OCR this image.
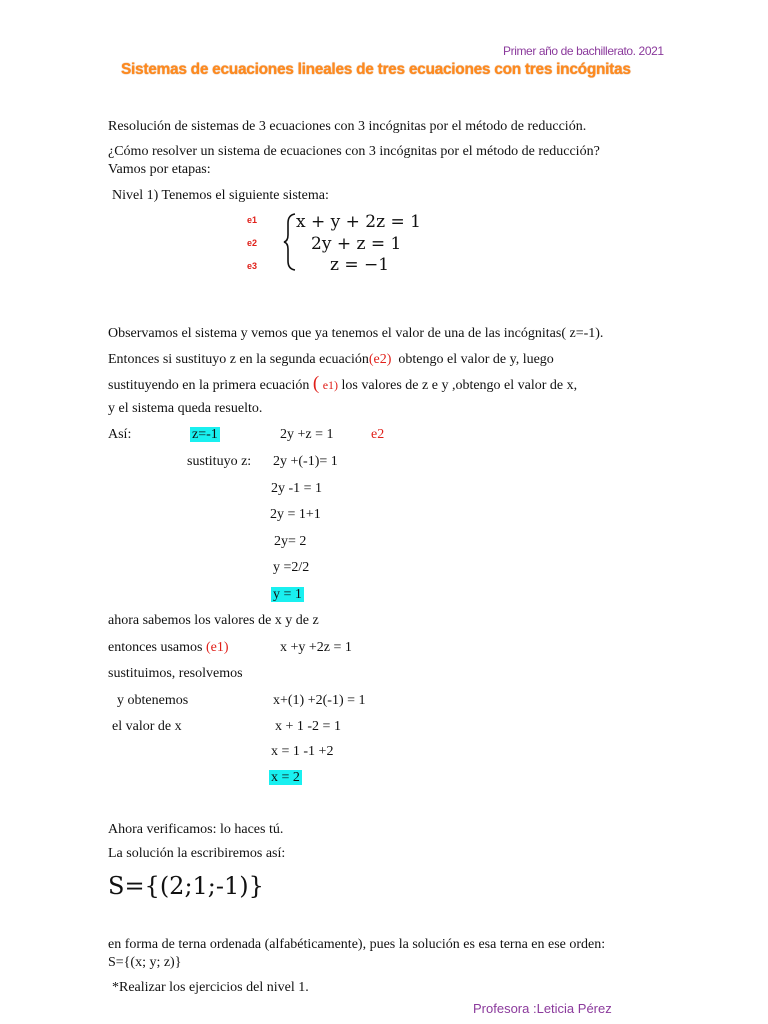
Primer año de bachillerato. 2021
Sistemas de ecuaciones lineales de tres ecuaciones con tres incógnitas
Resolución de sistemas de 3 ecuaciones con 3 incógnitas por el método de reducción.
¿Cómo resolver un sistema de ecuaciones con 3 incógnitas por el método de reducción?
Vamos por etapas:
Nivel 1) Tenemos el siguiente sistema:
e1
e2
e3
x + y + 2z = 1
2y + z = 1
z = −1
Observamos el sistema y vemos que ya tenemos el valor de una de las incógnitas( z=-1).
Entonces si sustituyo z en la segunda ecuación(e2) obtengo el valor de y, luego
sustituyendo en la primera ecuación ( e1) los valores de z e y ,obtengo el valor de x,
y el sistema queda resuelto.
Así:	z=-1	2y +z = 1	e2
sustituyo z: 2y +(-1)= 1
2y -1 = 1
2y = 1+1
2y= 2
y =2/2
y = 1
ahora sabemos los valores de x y de z
entonces usamos (e1)	x +y +2z = 1
sustituimos, resolvemos
y obtenemos	x+(1) +2(-1) = 1
el valor de x	x + 1 -2 = 1
x = 1 -1 +2
x = 2
Ahora verificamos: lo haces tú.
La solución la escribiremos así:
S={(2;1;-1)}
en forma de terna ordenada (alfabéticamente), pues la solución es esa terna en ese orden:
S={(x; y; z)}
*Realizar los ejercicios del nivel 1.
Profesora :Leticia Pérez
